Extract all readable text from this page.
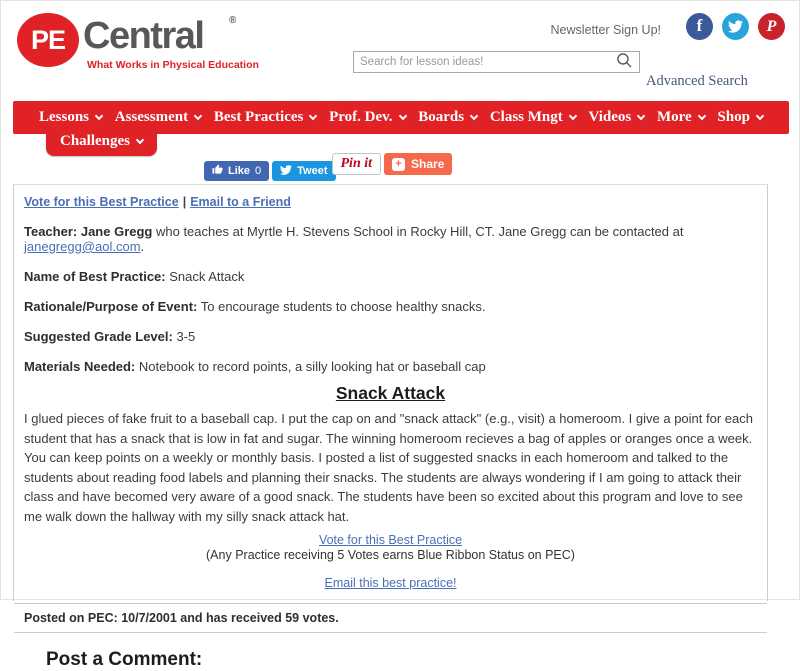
PE Central	®
What Works in Physical Education
Newsletter Sign Up!
f
P
Search for lesson ideas!
Advanced Search
Lessons Assessment Best Practices Prof. Dev. Boards Class Mngt Videos More Shop
Challenges
Like 0	Tweet Pin it + Share

Vote for this Best Practice | Email to a Friend

Teacher: Jane Gregg who teaches at Myrtle H. Stevens School in Rocky Hill, CT. Jane Gregg can be contacted at janegregg@aol.com.

Name of Best Practice: Snack Attack

Rationale/Purpose of Event: To encourage students to choose healthy snacks.

Suggested Grade Level: 3-5

Materials Needed: Notebook to record points, a silly looking hat or baseball cap

Snack Attack

I glued pieces of fake fruit to a baseball cap. I put the cap on and "snack attack" (e.g., visit) a homeroom. I give a point for each student that has a snack that is low in fat and sugar. The winning homeroom recieves a bag of apples or oranges once a week. You can keep points on a weekly or monthly basis. I posted a list of suggested snacks in each homeroom and talked to the students about reading food labels and planning their snacks. The students are always wondering if I am going to attack their class and have becomed very aware of a good snack. The students have been so excited about this program and love to see me walk down the hallway with my silly snack attack hat.

Vote for this Best Practice
(Any Practice receiving 5 Votes earns Blue Ribbon Status on PEC)
Email this best practice!

Posted on PEC: 10/7/2001 and has received 59 votes.

Post a Comment:
